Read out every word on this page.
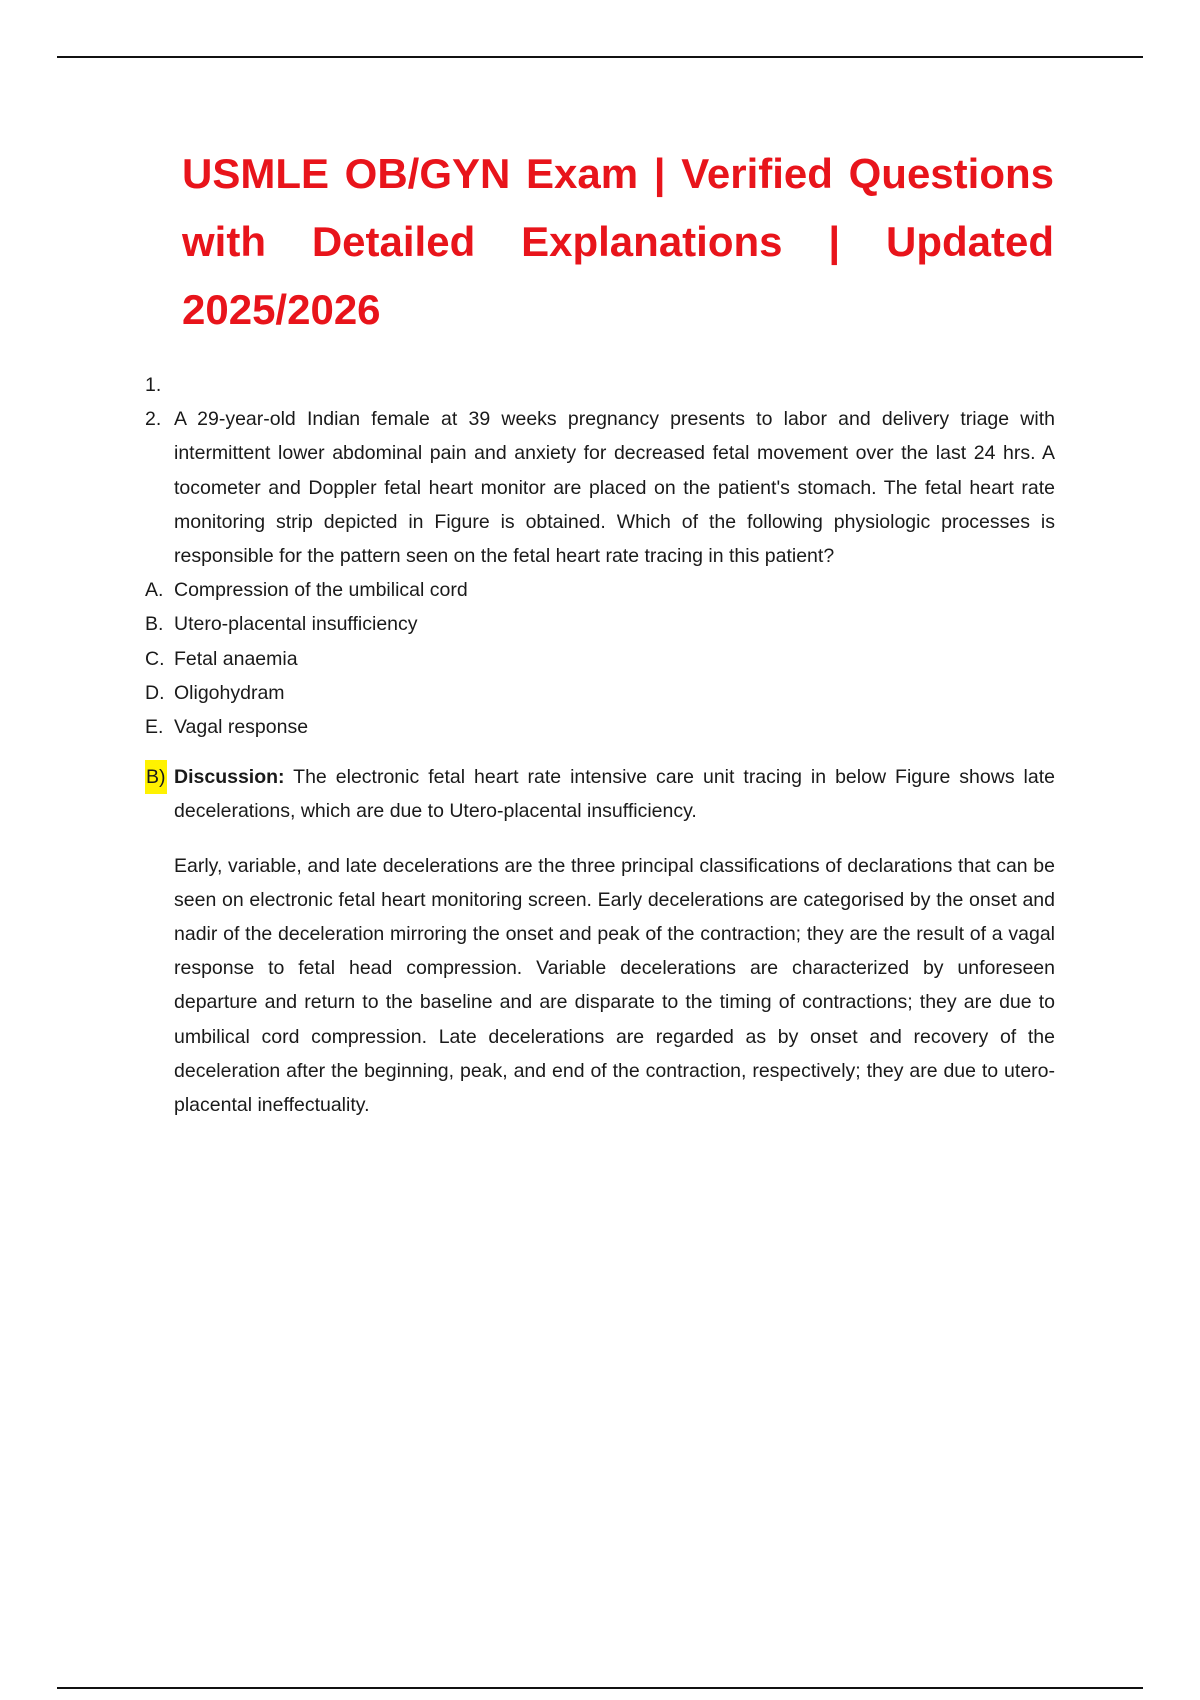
USMLE OB/GYN Exam | Verified Questions with Detailed Explanations | Updated 2025/2026
1.

2. A 29-year-old Indian female at 39 weeks pregnancy presents to labor and delivery triage with intermittent lower abdominal pain and anxiety for decreased fetal movement over the last 24 hrs. A tocometer and Doppler fetal heart monitor are placed on the patient's stomach. The fetal heart rate monitoring strip depicted in Figure is obtained. Which of the following physiologic processes is responsible for the pattern seen on the fetal heart rate tracing in this patient?
A. Compression of the umbilical cord
B. Utero-placental insufficiency
C. Fetal anaemia
D. Oligohydram
E. Vagal response
B) Discussion: The electronic fetal heart rate intensive care unit tracing in below Figure shows late decelerations, which are due to Utero-placental insufficiency.
Early, variable, and late decelerations are the three principal classifications of declarations that can be seen on electronic fetal heart monitoring screen. Early decelerations are categorised by the onset and nadir of the deceleration mirroring the onset and peak of the contraction; they are the result of a vagal response to fetal head compression. Variable decelerations are characterized by unforeseen departure and return to the baseline and are disparate to the timing of contractions; they are due to umbilical cord compression. Late decelerations are regarded as by onset and recovery of the deceleration after the beginning, peak, and end of the contraction, respectively; they are due to utero-placental ineffectuality.
